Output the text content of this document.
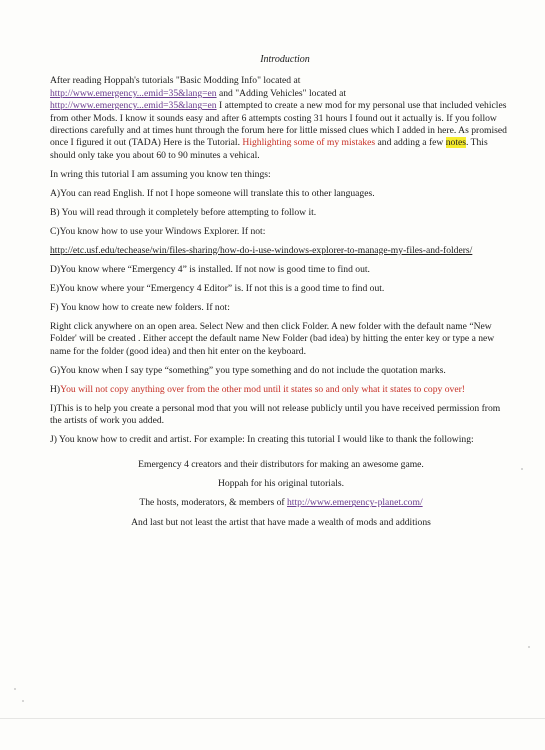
Introduction

After reading Hoppah's tutorials "Basic Modding Info" located at
http://www.emergency...emid=35&lang=en and "Adding Vehicles" located at
http://www.emergency...emid=35&lang=en I attempted to create a new mod for my personal use that included vehicles from other Mods. I know it sounds easy and after 6 attempts costing 31 hours I found out it actually is. If you follow directions carefully and at times hunt through the forum here for little missed clues which I added in here. As promised once I figured it out (TADA) Here is the Tutorial. Highlighting some of my mistakes and adding a few notes. This should only take you about 60 to 90 minutes a vehical.

In wring this tutorial I am assuming you know ten things:

A)You can read English. If not I hope someone will translate this to other languages.

B) You will read through it completely before attempting to follow it.

C)You know how to use your Windows Explorer. If not:

http://etc.usf.edu/techease/win/files-sharing/how-do-i-use-windows-explorer-to-manage-my-files-and-folders/

D)You know where “Emergency 4” is installed. If not now is good time to find out.

E)You know where your “Emergency 4 Editor” is. If not this is a good time to find out.

F) You know how to create new folders. If not:

Right click anywhere on an open area. Select New and then click Folder. A new folder with the default name “New Folder' will be created . Either accept the default name New Folder (bad idea) by hitting the enter key or type a new name for the folder (good idea) and then hit enter on the keyboard.

G)You know when I say type “something” you type something and do not include the quotation marks.

H)You will not copy anything over from the other mod until it states so and only what it states to copy over!

I)This is to help you create a personal mod that you will not release publicly until you have received permission from the artists of work you added.

J) You know how to credit and artist. For example: In creating this tutorial I would like to thank the following:

Emergency 4 creators and their distributors for making an awesome game.

Hoppah for his original tutorials.

The hosts, moderators, & members of http://www.emergency-planet.com/

And last but not least the artist that have made a wealth of mods and additions
